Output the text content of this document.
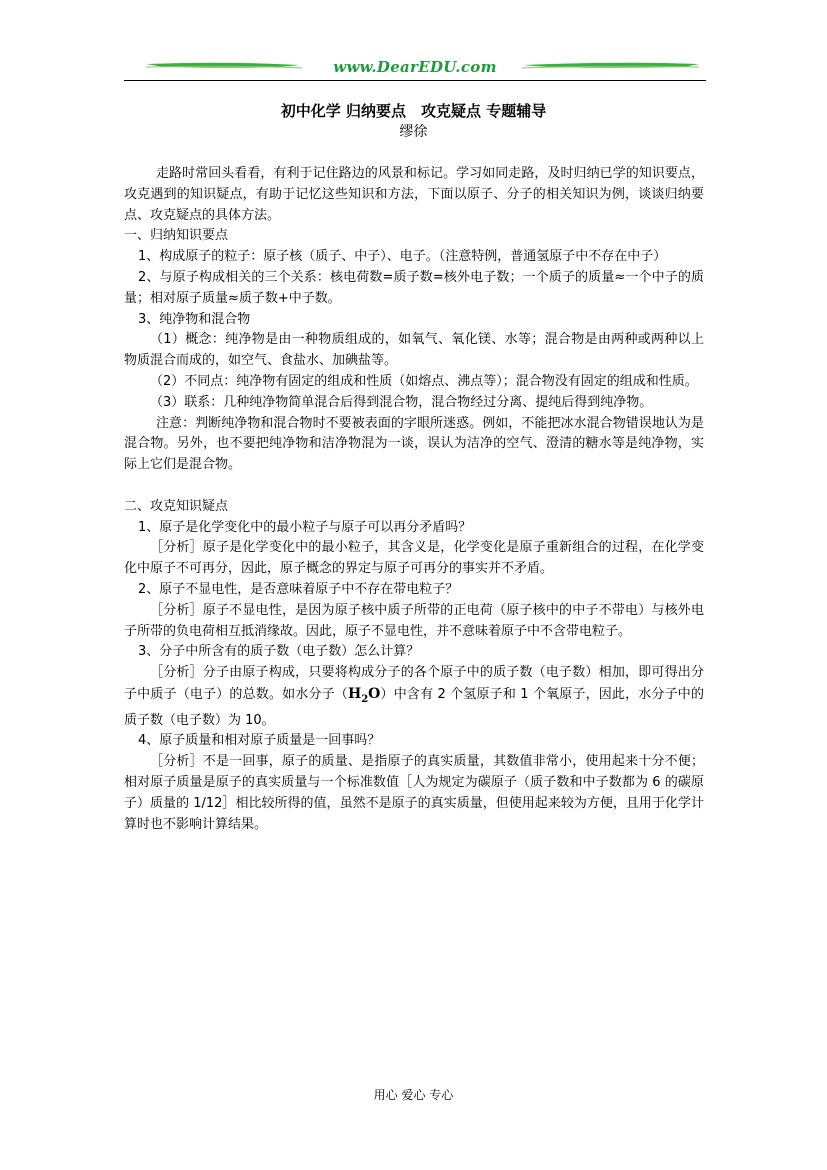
www.DearEDU.com
初中化学 归纳要点　攻克疑点 专题辅导
缪徐

走路时常回头看看，有利于记住路边的风景和标记。学习如同走路，及时归纳已学的知识要点，攻克遇到的知识疑点，有助于记忆这些知识和方法，下面以原子、分子的相关知识为例，谈谈归纳要点、攻克疑点的具体方法。

一、归纳知识要点

1、构成原子的粒子：原子核（质子、中子）、电子。（注意特例，普通氢原子中不存在中子）

2、与原子构成相关的三个关系：核电荷数=质子数=核外电子数；一个质子的质量≈一个中子的质量；相对原子质量≈质子数+中子数。

3、纯净物和混合物

（1）概念：纯净物是由一种物质组成的，如氧气、氧化镁、水等；混合物是由两种或两种以上物质混合而成的，如空气、食盐水、加碘盐等。

（2）不同点：纯净物有固定的组成和性质（如熔点、沸点等）；混合物没有固定的组成和性质。

（3）联系：几种纯净物简单混合后得到混合物，混合物经过分离、提纯后得到纯净物。

注意：判断纯净物和混合物时不要被表面的字眼所迷惑。例如，不能把冰水混合物错误地认为是混合物。另外，也不要把纯净物和洁净物混为一谈，误认为洁净的空气、澄清的糖水等是纯净物，实际上它们是混合物。

二、攻克知识疑点

1、原子是化学变化中的最小粒子与原子可以再分矛盾吗？

［分析］原子是化学变化中的最小粒子，其含义是，化学变化是原子重新组合的过程，在化学变化中原子不可再分，因此，原子概念的界定与原子可再分的事实并不矛盾。

2、原子不显电性，是否意味着原子中不存在带电粒子？

［分析］原子不显电性，是因为原子核中质子所带的正电荷（原子核中的中子不带电）与核外电子所带的负电荷相互抵消缘故。因此，原子不显电性，并不意味着原子中不含带电粒子。

3、分子中所含有的质子数（电子数）怎么计算？

［分析］分子由原子构成，只要将构成分子的各个原子中的质子数（电子数）相加，即可得出分子中质子（电子）的总数。如水分子$(H_2O)$中含有 2 个氢原子和 1 个氧原子，因此，水分子中的质子数（电子数）为 10。

4、原子质量和相对原子质量是一回事吗？

［分析］不是一回事，原子的质量、是指原子的真实质量，其数值非常小，使用起来十分不便；相对原子质量是原子的真实质量与一个标准数值［人为规定为碳原子（质子数和中子数都为 6 的碳原子）质量的 1/12］相比较所得的值，虽然不是原子的真实质量，但使用起来较为方便，且用于化学计算时也不影响计算结果。

用心 爱心 专心
